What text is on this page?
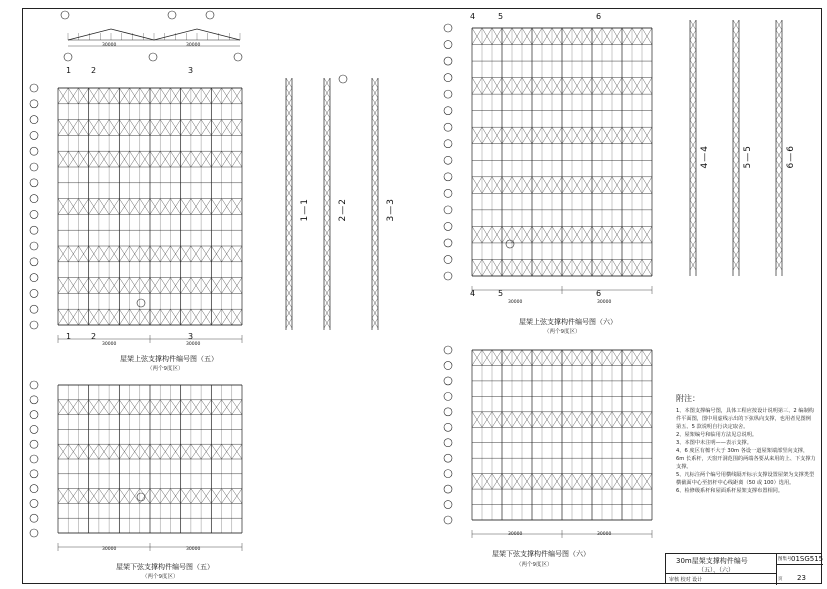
屋架上弦支撑构件编号图（五）
（两个9度区）
屋架下弦支撑构件编号图（五）
（两个9度区）
屋架上弦支撑构件编号图（六）
（两个9度区）
屋架下弦支撑构件编号图（六）
（两个9度区）
1—1	2—2	3—3
4—4	5—5	6—6
1 2	3
1 2	3
4	5	6
4	5	6
30000	30000
30000	30000
30000	30000
30000	30000
30000	30000
附注：
1、本图支撑编号图，具体工程应按设计说明第三、2 编制构件平面图，图中用虚线示出的下弦纵向支撑，也用者见图例第五、5 款说明自行决定取舍。
2、屋架编号和临用方法见总说明。
3、本图中未注明——表示支撑。
4、6 度区有檩不大于 30m 各设一道屋架端部竖向支撑，6m 长系杆，天窗开洞范围的两端各要从来用的上、下支撑力支撑。
5、凡标注两个编号用横线隔开标示支撑设置屋架为支撑类型横截面中心至扭杆中心线距离（50 或 100）选用。
6、检修级系杆和屋面系杆屋架支撑布置相同。
30m屋架支撑构件编号
（五）、（六）
图集号 01SG515
页 23
审核 校对 设计
